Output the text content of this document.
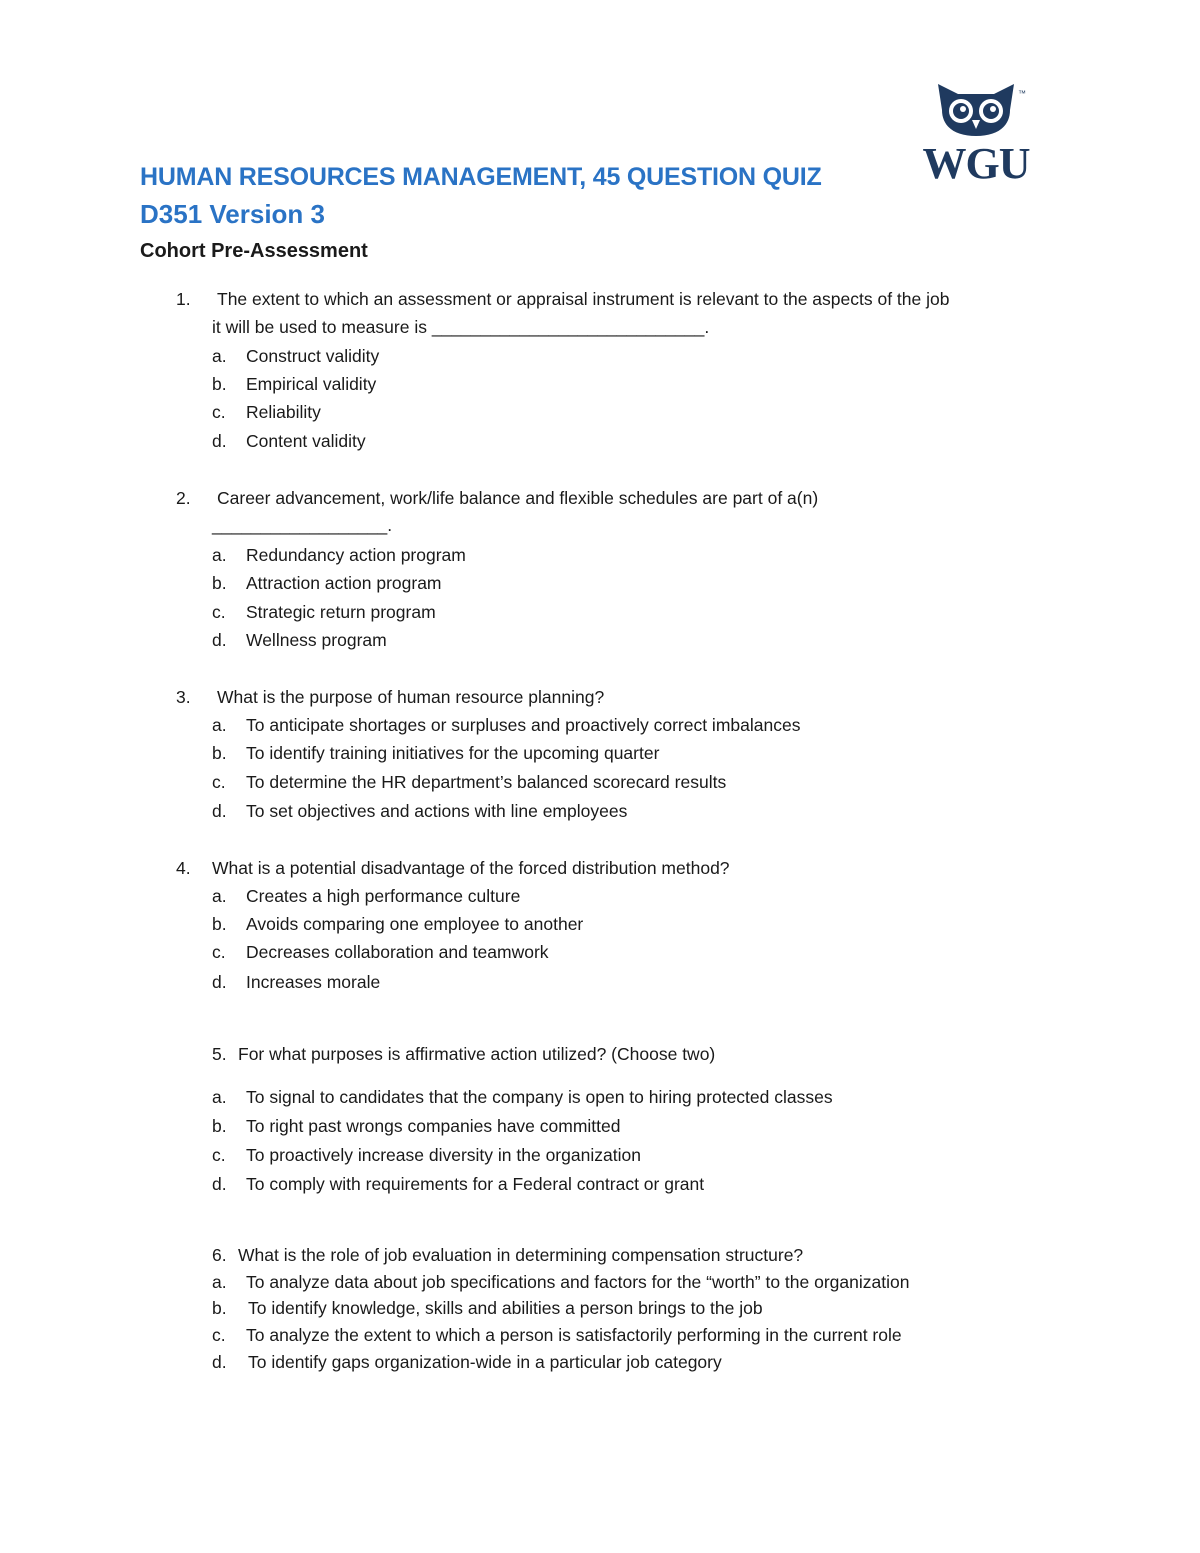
™
WGU
HUMAN RESOURCES MANAGEMENT, 45 QUESTION QUIZ
D351 Version 3
Cohort Pre-Assessment
1. The extent to which an assessment or appraisal instrument is relevant to the aspects of the job
it will be used to measure is ____________________________.
a. Construct validity
b. Empirical validity
c. Reliability
d. Content validity
2. Career advancement, work/life balance and flexible schedules are part of a(n)
__________________.
a. Redundancy action program
b. Attraction action program
c. Strategic return program
d. Wellness program
3. What is the purpose of human resource planning?
a. To anticipate shortages or surpluses and proactively correct imbalances
b. To identify training initiatives for the upcoming quarter
c. To determine the HR department’s balanced scorecard results
d. To set objectives and actions with line employees
4. What is a potential disadvantage of the forced distribution method?
a. Creates a high performance culture
b. Avoids comparing one employee to another
c. Decreases collaboration and teamwork
d. Increases morale
5. For what purposes is affirmative action utilized? (Choose two)
a. To signal to candidates that the company is open to hiring protected classes
b. To right past wrongs companies have committed
c. To proactively increase diversity in the organization
d. To comply with requirements for a Federal contract or grant
6. What is the role of job evaluation in determining compensation structure?
a. To analyze data about job specifications and factors for the “worth” to the organization
b. To identify knowledge, skills and abilities a person brings to the job
c. To analyze the extent to which a person is satisfactorily performing in the current role
d. To identify gaps organization-wide in a particular job category
